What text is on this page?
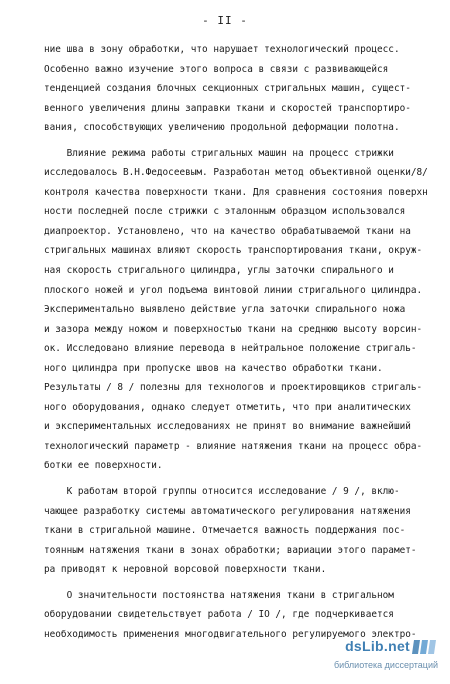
- II -
ние шва в зону обработки, что нарушает технологический процесс.
Особенно важно изучение этого вопроса в связи с развивающейся
тенденцией создания блочных секционных стригальных машин, сущест-
венного увеличения длины заправки ткани и скоростей транспортиро-
вания, способствующих увеличению продольной деформации полотна.
Влияние режима работы стригальных машин на процесс стрижки
исследовалось В.Н.Федосеевым. Разработан метод объективной оценки/8/
контроля качества поверхности ткани. Для сравнения состояния поверхн
ности последней после стрижки с эталонным образцом использовался
диапроектор. Установлено, что на качество обрабатываемой ткани на
стригальных машинах влияют скорость транспортирования ткани, окруж-
ная скорость стригального цилиндра, углы заточки спирального и
плоского ножей и угол подъема винтовой линии стригального цилиндра.
Экспериментально выявлено действие угла заточки спирального ножа
и зазора между ножом и поверхностью ткани на среднюю высоту ворсин-
ок. Исследовано влияние перевода в нейтральное положение стригаль-
ного цилиндра при пропуске швов на качество обработки ткани.
Результаты / 8 / полезны для технологов и проектировщиков стригаль-
ного оборудования, однако следует отметить, что при аналитических
и экспериментальных исследованиях не принят во внимание важнейший
технологический параметр - влияние натяжения ткани на процесс обра-
ботки ее поверхности.
К работам второй группы относится исследование / 9 /, вклю-
чающее разработку системы автоматического регулирования натяжения
ткани в стригальной машине. Отмечается важность поддержания пос-
тоянным натяжения ткани в зонах обработки; вариации этого парамет-
ра приводят к неровной ворсовой поверхности ткани.
О значительности постоянства натяжения ткани в стригальном
оборудовании свидетельствует работа / IO /, где подчеркивается
необходимость применения многодвигательного регулируемого электро-
dsLib.net
библиотека диссертаций
